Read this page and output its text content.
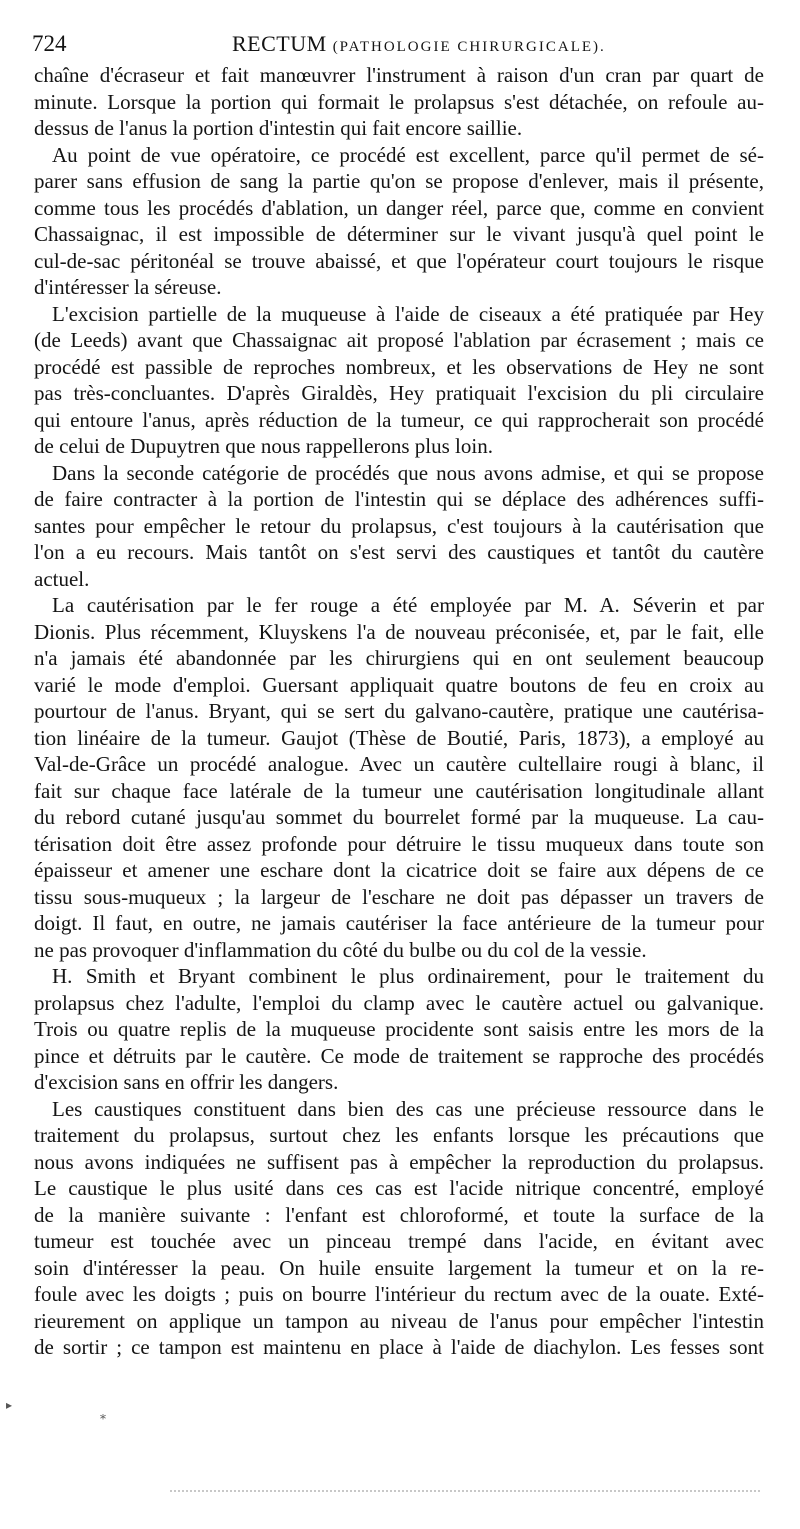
724	RECTUM (PATHOLOGIE CHIRURGICALE).
chaîne d'écraseur et fait manœuvrer l'instrument à raison d'un cran par quart de
minute. Lorsque la portion qui formait le prolapsus s'est détachée, on refoule au-
dessus de l'anus la portion d'intestin qui fait encore saillie.
Au point de vue opératoire, ce procédé est excellent, parce qu'il permet de sé-
parer sans effusion de sang la partie qu'on se propose d'enlever, mais il présente,
comme tous les procédés d'ablation, un danger réel, parce que, comme en convient
Chassaignac, il est impossible de déterminer sur le vivant jusqu'à quel point le
cul-de-sac péritonéal se trouve abaissé, et que l'opérateur court toujours le risque
d'intéresser la séreuse.
L'excision partielle de la muqueuse à l'aide de ciseaux a été pratiquée par Hey
(de Leeds) avant que Chassaignac ait proposé l'ablation par écrasement ; mais ce
procédé est passible de reproches nombreux, et les observations de Hey ne sont
pas très-concluantes. D'après Giraldès, Hey pratiquait l'excision du pli circulaire
qui entoure l'anus, après réduction de la tumeur, ce qui rapprocherait son procédé
de celui de Dupuytren que nous rappellerons plus loin.
Dans la seconde catégorie de procédés que nous avons admise, et qui se propose
de faire contracter à la portion de l'intestin qui se déplace des adhérences suffi-
santes pour empêcher le retour du prolapsus, c'est toujours à la cautérisation que
l'on a eu recours. Mais tantôt on s'est servi des caustiques et tantôt du cautère
actuel.
La cautérisation par le fer rouge a été employée par M. A. Séverin et par
Dionis. Plus récemment, Kluyskens l'a de nouveau préconisée, et, par le fait, elle
n'a jamais été abandonnée par les chirurgiens qui en ont seulement beaucoup
varié le mode d'emploi. Guersant appliquait quatre boutons de feu en croix au
pourtour de l'anus. Bryant, qui se sert du galvano-cautère, pratique une cautérisa-
tion linéaire de la tumeur. Gaujot (Thèse de Boutié, Paris, 1873), a employé au
Val-de-Grâce un procédé analogue. Avec un cautère cultellaire rougi à blanc, il
fait sur chaque face latérale de la tumeur une cautérisation longitudinale allant
du rebord cutané jusqu'au sommet du bourrelet formé par la muqueuse. La cau-
térisation doit être assez profonde pour détruire le tissu muqueux dans toute son
épaisseur et amener une eschare dont la cicatrice doit se faire aux dépens de ce
tissu sous-muqueux ; la largeur de l'eschare ne doit pas dépasser un travers de
doigt. Il faut, en outre, ne jamais cautériser la face antérieure de la tumeur pour
ne pas provoquer d'inflammation du côté du bulbe ou du col de la vessie.
H. Smith et Bryant combinent le plus ordinairement, pour le traitement du
prolapsus chez l'adulte, l'emploi du clamp avec le cautère actuel ou galvanique.
Trois ou quatre replis de la muqueuse procidente sont saisis entre les mors de la
pince et détruits par le cautère. Ce mode de traitement se rapproche des procédés
d'excision sans en offrir les dangers.
Les caustiques constituent dans bien des cas une précieuse ressource dans le
traitement du prolapsus, surtout chez les enfants lorsque les précautions que
nous avons indiquées ne suffisent pas à empêcher la reproduction du prolapsus.
Le caustique le plus usité dans ces cas est l'acide nitrique concentré, employé
de la manière suivante : l'enfant est chloroformé, et toute la surface de la
tumeur est touchée avec un pinceau trempé dans l'acide, en évitant avec
soin d'intéresser la peau. On huile ensuite largement la tumeur et on la re-
foule avec les doigts ; puis on bourre l'intérieur du rectum avec de la ouate. Exté-
rieurement on applique un tampon au niveau de l'anus pour empêcher l'intestin
de sortir ; ce tampon est maintenu en place à l'aide de diachylon. Les fesses sont
▸
⁎
